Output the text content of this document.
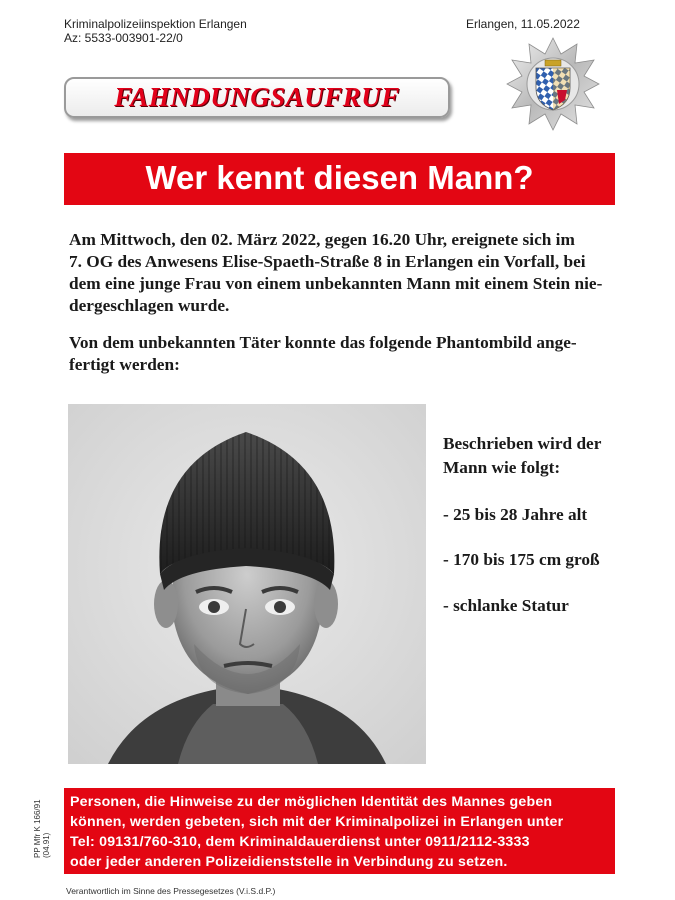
Kriminalpolizeiinspektion Erlangen
Az: 5533-003901-22/0
Erlangen, 11.05.2022
FAHNDUNGSAUFRUF
Wer kennt diesen Mann?
Am Mittwoch, den 02. März 2022, gegen 16.20 Uhr, ereignete sich im
7. OG des Anwesens Elise-Spaeth-Straße 8 in Erlangen ein Vorfall, bei
dem eine junge Frau von einem unbekannten Mann mit einem Stein nie-
dergeschlagen wurde.
Von dem unbekannten Täter konnte das folgende Phantombild ange-
fertigt werden:
Beschrieben wird der
Mann wie folgt:
- 25 bis 28 Jahre alt
- 170 bis 175 cm groß
- schlanke Statur
Personen, die Hinweise zu der möglichen Identität des Mannes geben
können, werden gebeten, sich mit der Kriminalpolizei in Erlangen unter
Tel: 09131/760-310, dem Kriminaldauerdienst unter 0911/2112-3333
oder jeder anderen Polizeidienststelle in Verbindung zu setzen.
PP Mfr K 166/91 (04.91)
Verantwortlich im Sinne des Pressegesetzes (V.i.S.d.P.)
